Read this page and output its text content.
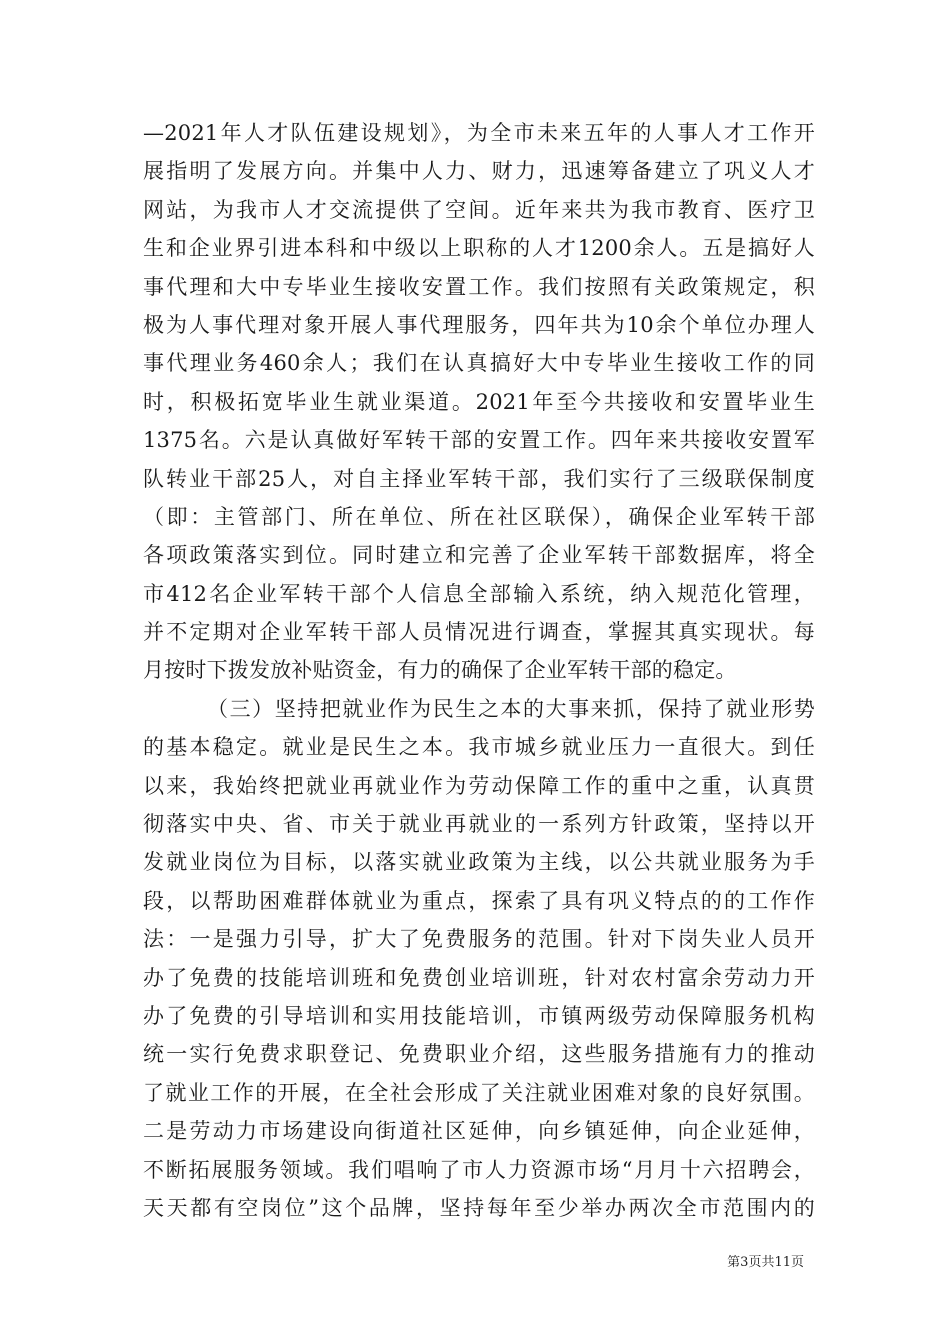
—2021年人才队伍建设规划》，为全市未来五年的人事人才工作开
展指明了发展方向。并集中人力、财力，迅速筹备建立了巩义人才
网站，为我市人才交流提供了空间。近年来共为我市教育、医疗卫
生和企业界引进本科和中级以上职称的人才1200余人。五是搞好人
事代理和大中专毕业生接收安置工作。我们按照有关政策规定，积
极为人事代理对象开展人事代理服务，四年共为10余个单位办理人
事代理业务460余人；我们在认真搞好大中专毕业生接收工作的同
时，积极拓宽毕业生就业渠道。2021年至今共接收和安置毕业生
1375名。六是认真做好军转干部的安置工作。四年来共接收安置军
队转业干部25人，对自主择业军转干部，我们实行了三级联保制度
（即：主管部门、所在单位、所在社区联保），确保企业军转干部
各项政策落实到位。同时建立和完善了企业军转干部数据库，将全
市412名企业军转干部个人信息全部输入系统，纳入规范化管理，
并不定期对企业军转干部人员情况进行调查，掌握其真实现状。每
月按时下拨发放补贴资金，有力的确保了企业军转干部的稳定。
（三）坚持把就业作为民生之本的大事来抓，保持了就业形势
的基本稳定。就业是民生之本。我市城乡就业压力一直很大。到任
以来，我始终把就业再就业作为劳动保障工作的重中之重，认真贯
彻落实中央、省、市关于就业再就业的一系列方针政策，坚持以开
发就业岗位为目标，以落实就业政策为主线，以公共就业服务为手
段，以帮助困难群体就业为重点，探索了具有巩义特点的的工作作
法：一是强力引导，扩大了免费服务的范围。针对下岗失业人员开
办了免费的技能培训班和免费创业培训班，针对农村富余劳动力开
办了免费的引导培训和实用技能培训，市镇两级劳动保障服务机构
统一实行免费求职登记、免费职业介绍，这些服务措施有力的推动
了就业工作的开展，在全社会形成了关注就业困难对象的良好氛围。
二是劳动力市场建设向街道社区延伸，向乡镇延伸，向企业延伸，
不断拓展服务领域。我们唱响了市人力资源市场“月月十六招聘会，
天天都有空岗位”这个品牌，坚持每年至少举办两次全市范围内的
第3页共11页
